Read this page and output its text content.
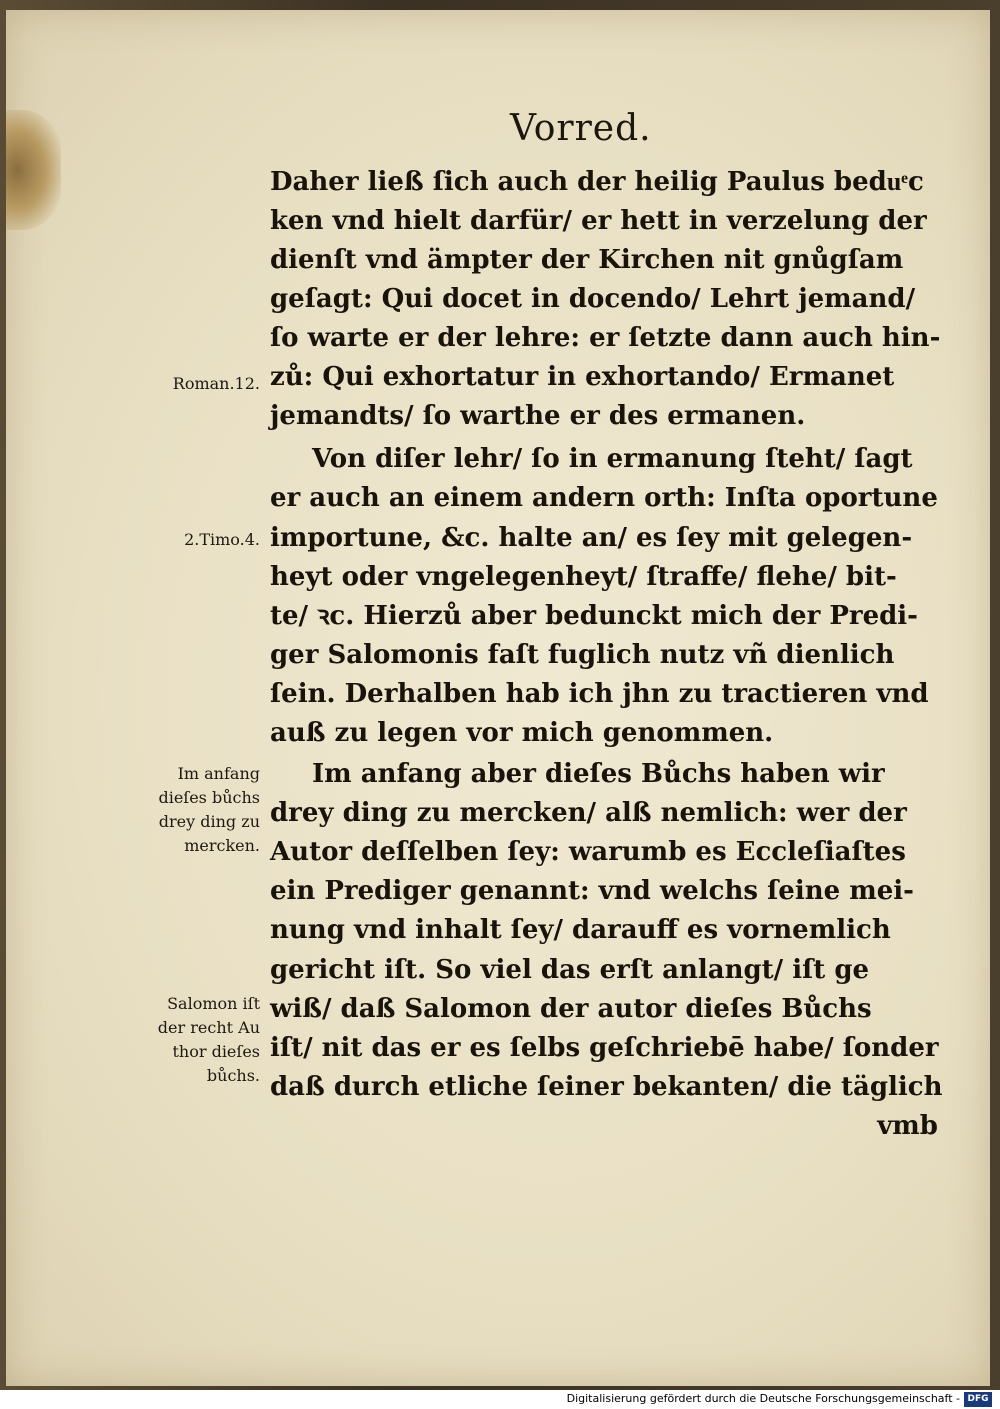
Vorred.
Daher ließ ſich auch der heilig Paulus beduͤc
ken vnd hielt darfür/ er hett in verzelung der
dienſt vnd ämpter der Kirchen nit gnůgſam
geſagt: Qui docet in docendo/ Lehrt jemand/
ſo warte er der lehre: er ſetzte dann auch hin-
zů: Qui exhortatur in exhortando/ Ermanet
jemandts/ ſo warthe er des ermanen.
Von diſer lehr/ ſo in ermanung ſteht/ ſagt
er auch an einem andern orth: Inſta oportune
importune, &c. halte an/ es ſey mit gelegen-
heyt oder vngelegenheyt/ ſtraffe/ flehe/ bit-
te/ ꝛc. Hierzů aber bedunckt mich der Predi-
ger Salomonis faſt fuglich nutz vñ dienlich
ſein. Derhalben hab ich jhn zu tractieren vnd
auß zu legen vor mich genommen.
Im anfang aber dieſes Bůchs haben wir
drey ding zu mercken/ alß nemlich: wer der
Autor deſſelben ſey: warumb es Eccleſiaſtes
ein Prediger genannt: vnd welchs ſeine mei-
nung vnd inhalt ſey/ darauff es vornemlich
gericht iſt. So viel das erſt anlangt/ iſt ge
wiß/ daß Salomon der autor dieſes Bůchs
iſt/ nit das er es ſelbs geſchriebē habe/ ſonder
daß durch etliche ſeiner bekanten/ die täglich
vmb
Roman.12.
2.Timo.4.
Im anfang
dieſes bůchs
drey ding zu
mercken.
Salomon iſt
der recht Au
thor dieſes
bůchs.
Digitalisierung gefördert durch die Deutsche Forschungsgemeinschaft - DFG
